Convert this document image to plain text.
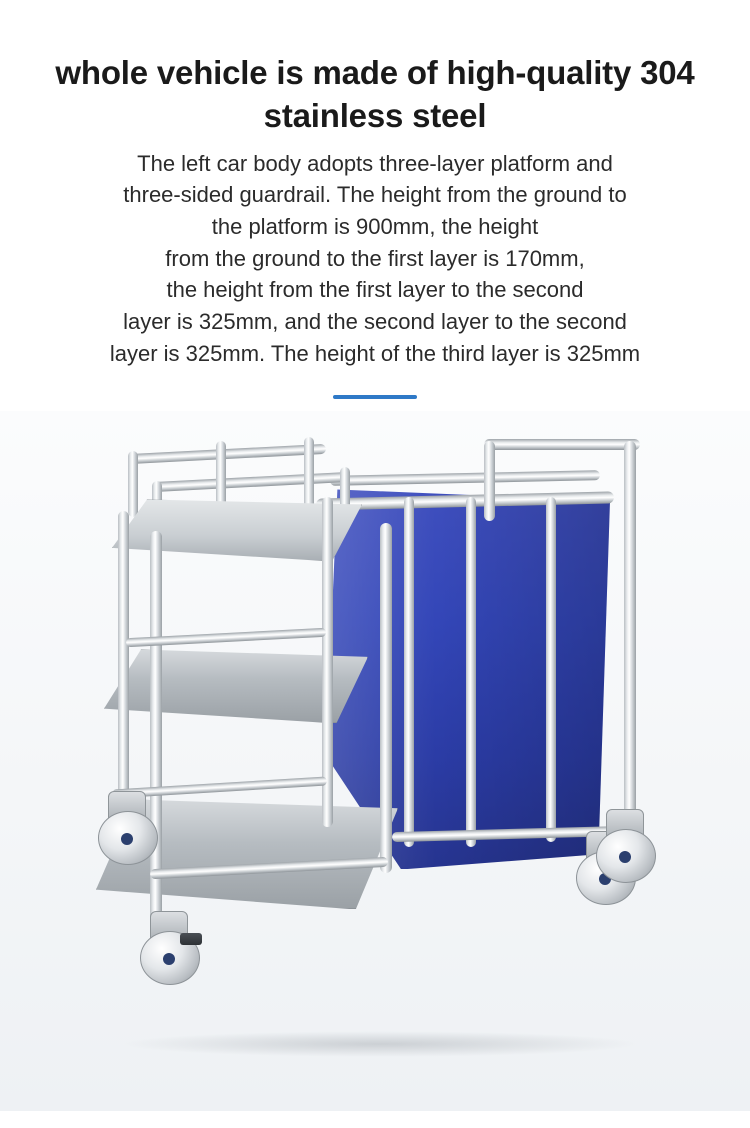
whole vehicle is made of high-quality 304 stainless steel

The left car body adopts three-layer platform and
three-sided guardrail. The height from the ground to
the platform is 900mm, the height
from the ground to the first layer is 170mm,
the height from the first layer to the second
layer is 325mm, and the second layer to the second
layer is 325mm. The height of the third layer is 325mm
